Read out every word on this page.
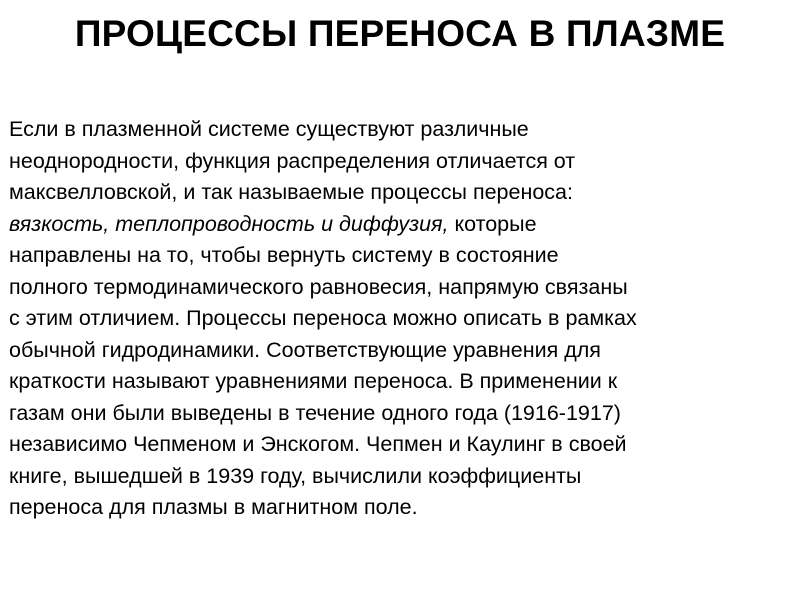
ПРОЦЕССЫ ПЕРЕНОСА В ПЛАЗМЕ
Если в плазменной системе существуют различные
неоднородности, функция распределения отличается от
максвелловской, и так называемые процессы переноса:
вязкость, теплопроводность и диффузия, которые
направлены на то, чтобы вернуть систему в состояние
полного термодинамического равновесия, напрямую связаны
с этим отличием. Процессы переноса можно описать в рамках
обычной гидродинамики. Соответствующие уравнения для
краткости называют уравнениями переноса. В применении к
газам они были выведены в течение одного года (1916-1917)
независимо Чепменом и Энскогом. Чепмен и Каулинг в своей
книге, вышедшей в 1939 году, вычислили коэффициенты
переноса для плазмы в магнитном поле.
